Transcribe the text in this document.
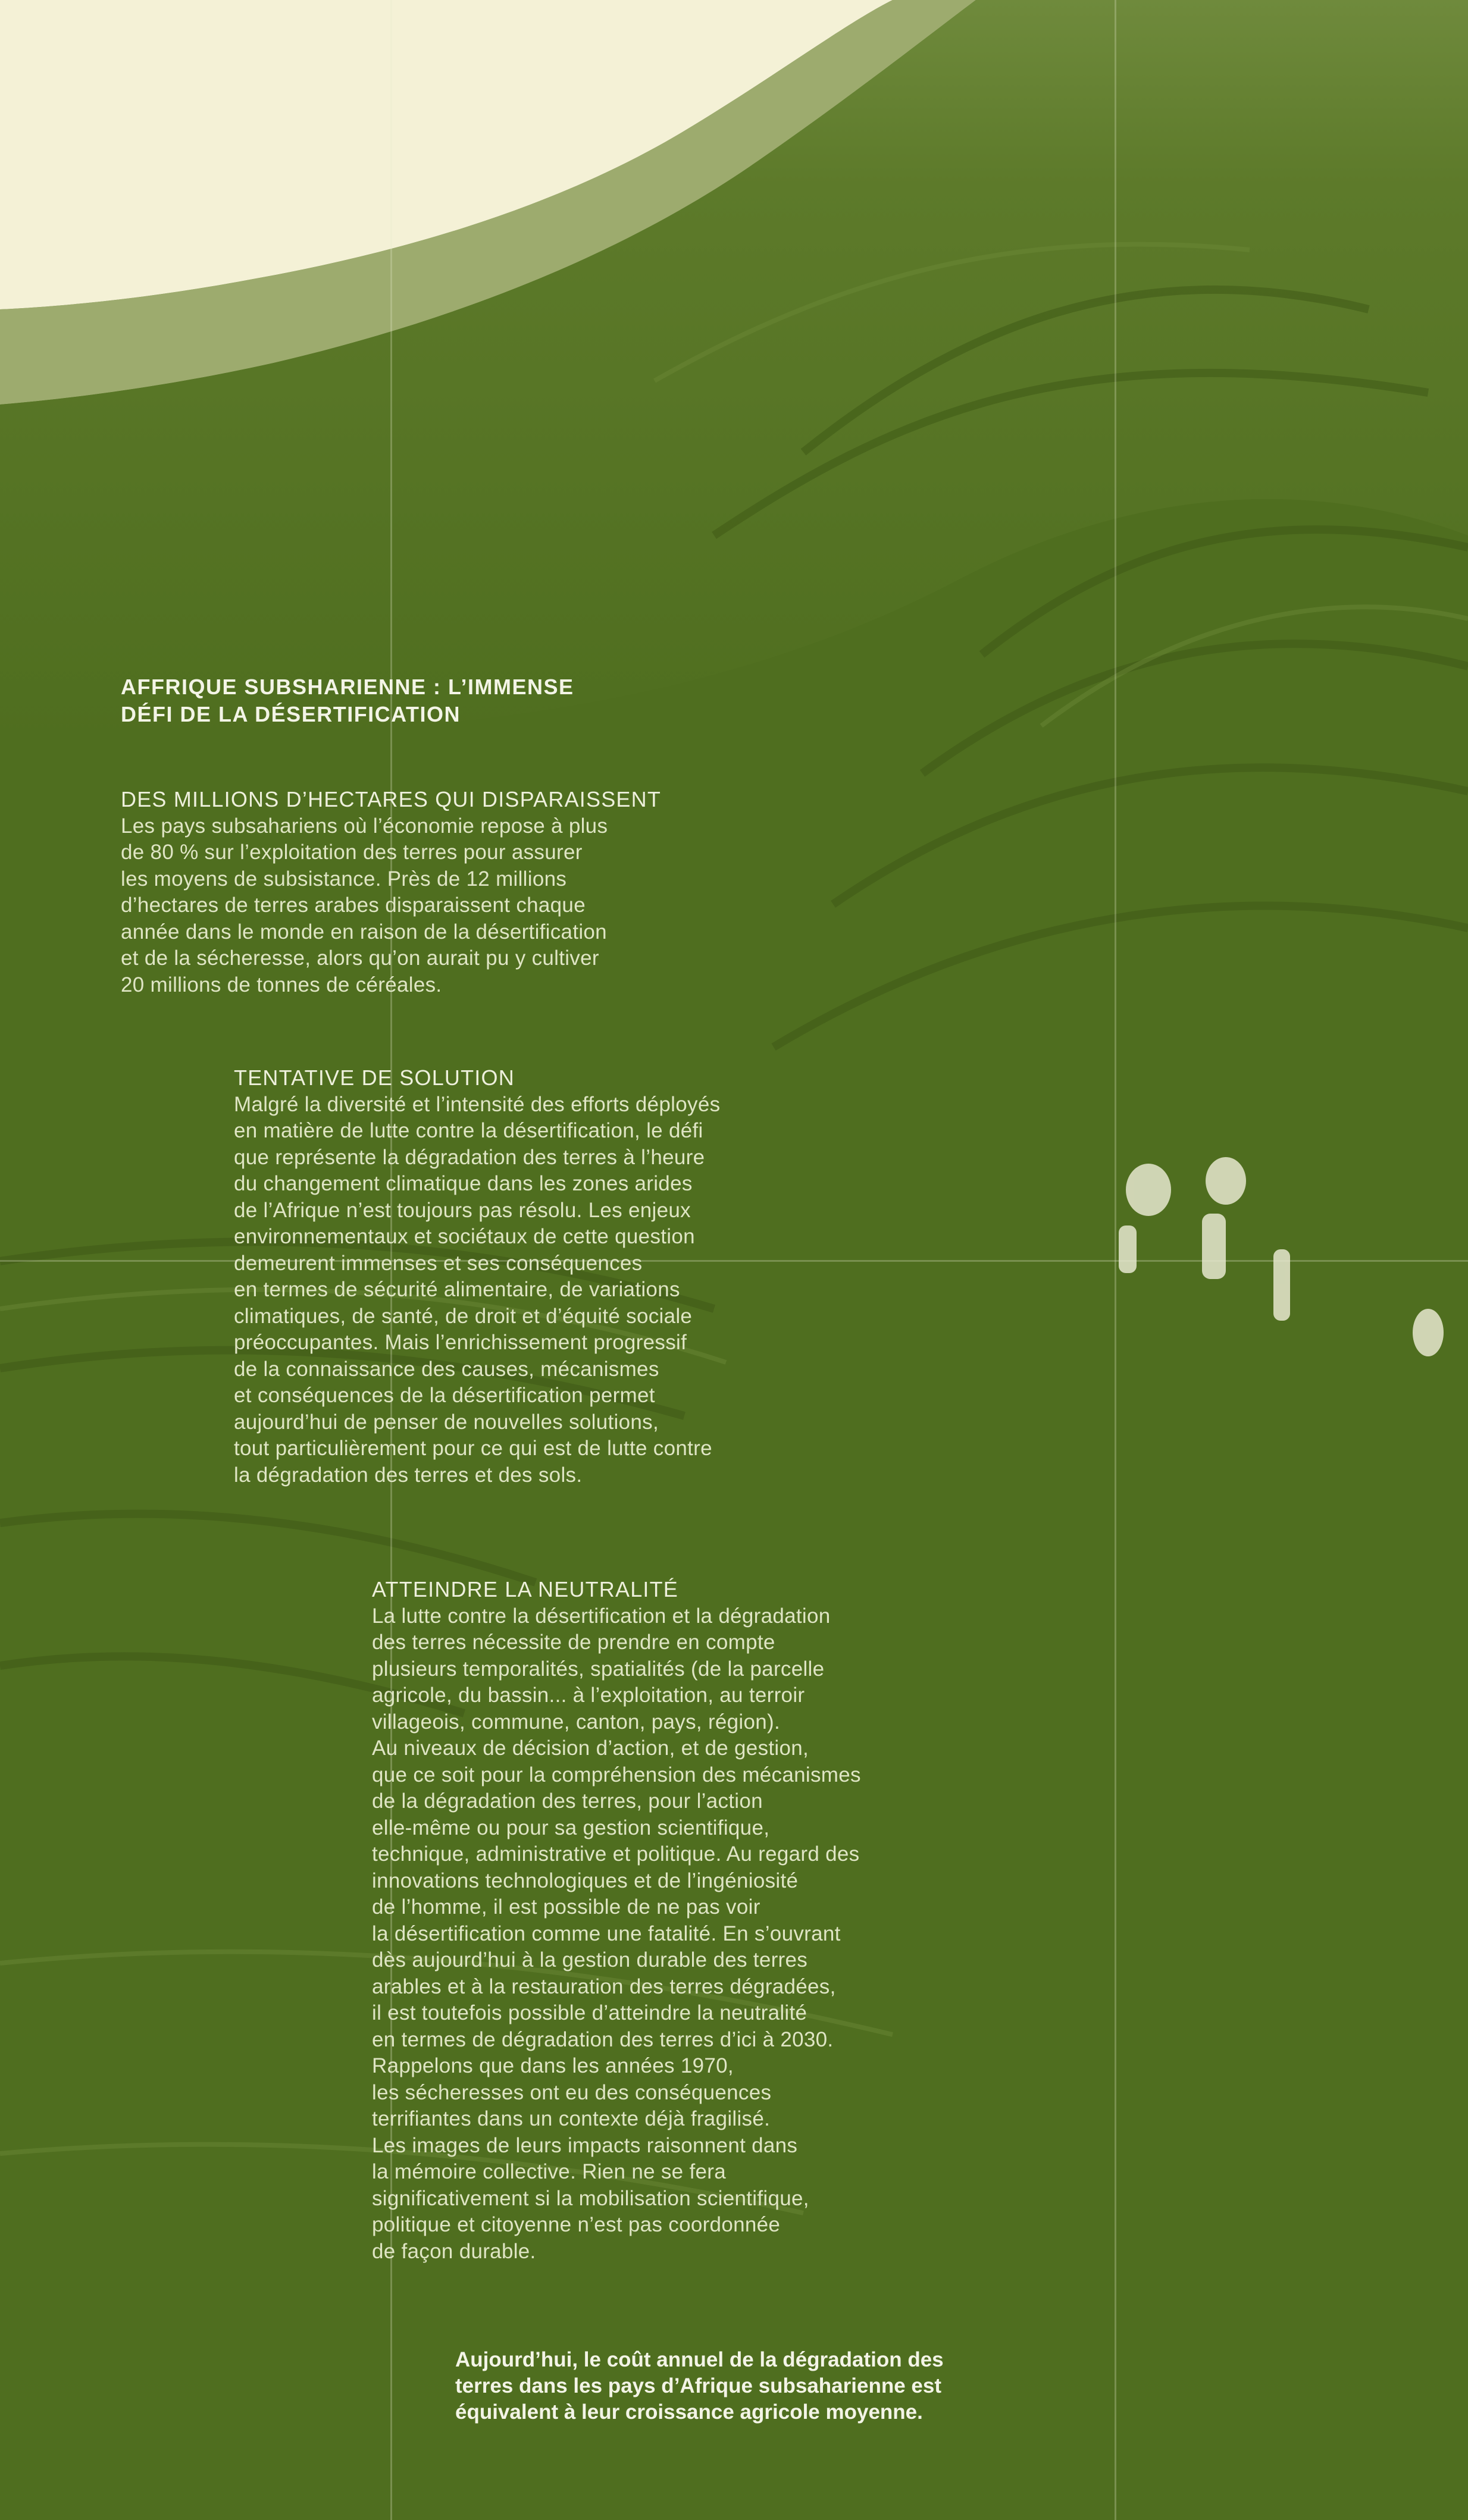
AFFRIQUE SUBSHARIENNE : L’IMMENSE
DÉFI DE LA DÉSERTIFICATION
DES MILLIONS D’HECTARES QUI DISPARAISSENT
Les pays subsahariens où l’économie repose à plus
de 80 % sur l’exploitation des terres pour assurer
les moyens de subsistance. Près de 12 millions
d’hectares de terres arabes disparaissent chaque
année dans le monde en raison de la désertification
et de la sécheresse, alors qu’on aurait pu y cultiver
20 millions de tonnes de céréales.
TENTATIVE DE SOLUTION
Malgré la diversité et l’intensité des efforts déployés
en matière de lutte contre la désertification, le défi
que représente la dégradation des terres à l’heure
du changement climatique dans les zones arides
de l’Afrique n’est toujours pas résolu. Les enjeux
environnementaux et sociétaux de cette question
demeurent immenses et ses conséquences
en termes de sécurité alimentaire, de variations
climatiques, de santé, de droit et d’équité sociale
préoccupantes. Mais l’enrichissement progressif
de la connaissance des causes, mécanismes
et conséquences de la désertification permet
aujourd’hui de penser de nouvelles solutions,
tout particulièrement pour ce qui est de lutte contre
la dégradation des terres et des sols.
ATTEINDRE LA NEUTRALITÉ
La lutte contre la désertification et la dégradation
des terres nécessite de prendre en compte
plusieurs temporalités, spatialités (de la parcelle
agricole, du bassin... à l’exploitation, au terroir
villageois, commune, canton, pays, région).
Au niveaux de décision d’action, et de gestion,
que ce soit pour la compréhension des mécanismes
de la dégradation des terres, pour l’action
elle-même ou pour sa gestion scientifique,
technique, administrative et politique. Au regard des
innovations technologiques et de l’ingéniosité
de l’homme, il est possible de ne pas voir
la désertification comme une fatalité. En s’ouvrant
dès aujourd’hui à la gestion durable des terres
arables et à la restauration des terres dégradées,
il est toutefois possible d’atteindre la neutralité
en termes de dégradation des terres d’ici à 2030.
Rappelons que dans les années 1970,
les sécheresses ont eu des conséquences
terrifiantes dans un contexte déjà fragilisé.
Les images de leurs impacts raisonnent dans
la mémoire collective. Rien ne se fera
significativement si la mobilisation scientifique,
politique et citoyenne n’est pas coordonnée
de façon durable.
Aujourd’hui, le coût annuel de la dégradation des
terres dans les pays d’Afrique subsaharienne est
équivalent à leur croissance agricole moyenne.
